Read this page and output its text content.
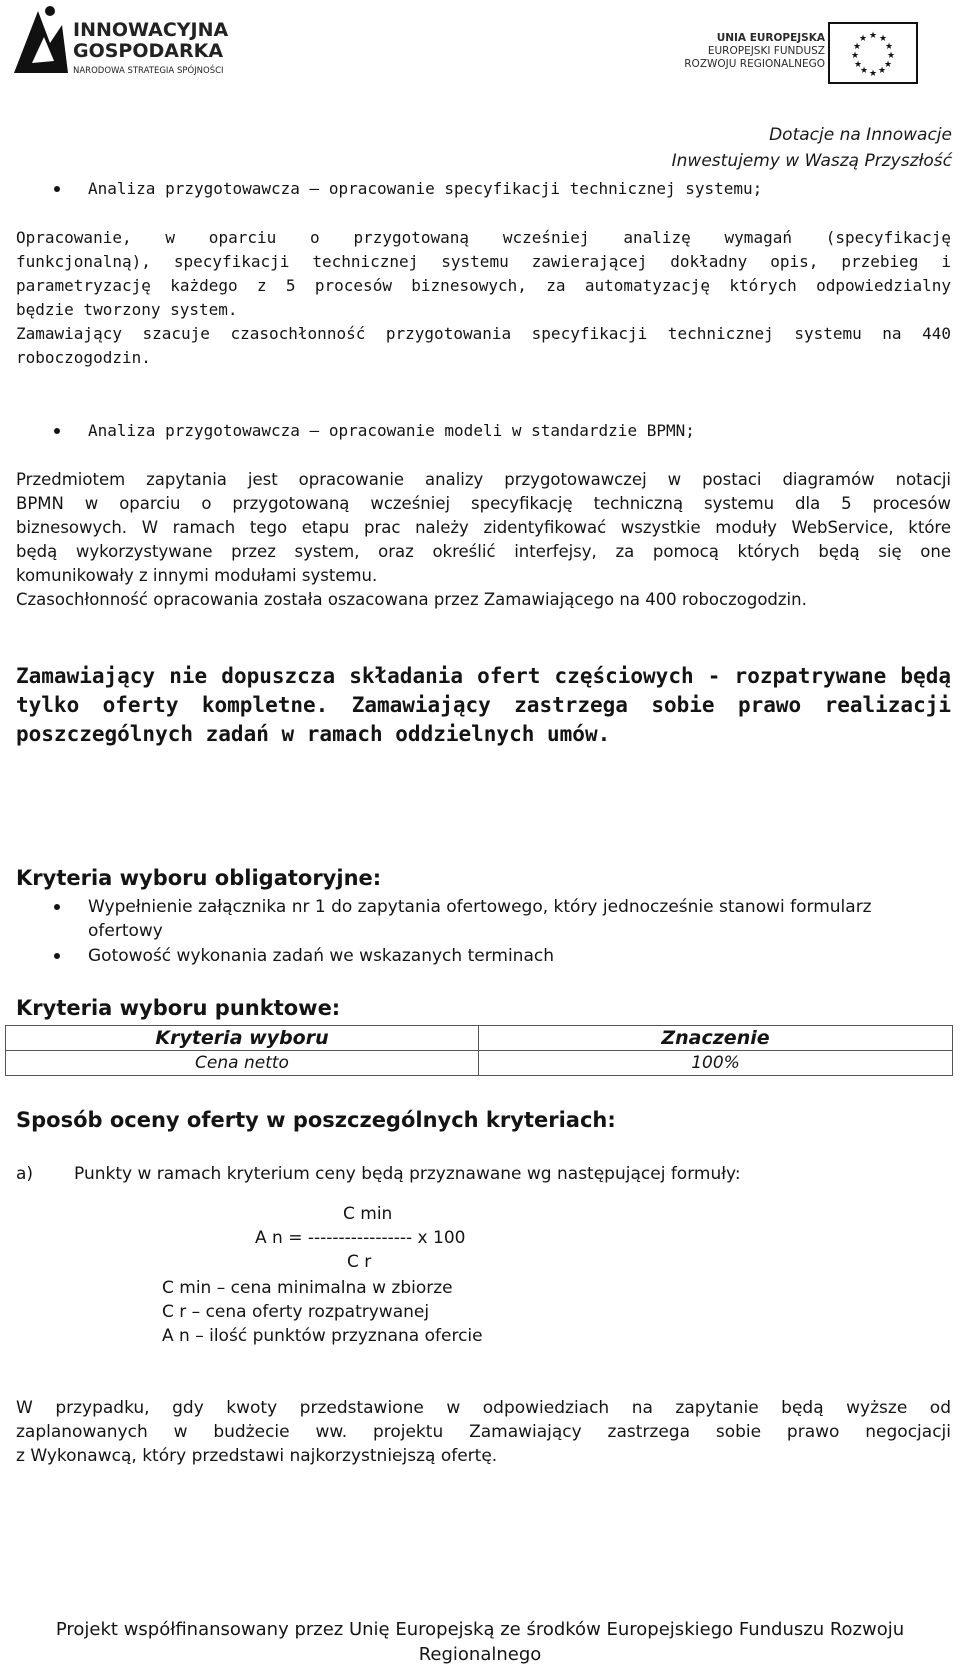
INNOWACYJNA
GOSPODARKA
NARODOWA STRATEGIA SPÓJNOŚCI
UNIA EUROPEJSKA
EUROPEJSKI FUNDUSZ
ROZWOJU REGIONALNEGO
★ ★
★
★
★
★
★
★
★
★
★
★
Dotacje na Innowacje
Inwestujemy w Waszą Przyszłość
Analiza przygotowawcza – opracowanie specyfikacji technicznej systemu;
Opracowanie, w oparciu o przygotowaną wcześniej analizę wymagań (specyfikację
funkcjonalną), specyfikacji technicznej systemu zawierającej dokładny opis, przebieg i
parametryzację każdego z 5 procesów biznesowych, za automatyzację których odpowiedzialny
będzie tworzony system.
Zamawiający szacuje czasochłonność przygotowania specyfikacji technicznej systemu na 440
roboczogodzin.
Analiza przygotowawcza – opracowanie modeli w standardzie BPMN;
Przedmiotem zapytania jest opracowanie analizy przygotowawczej w postaci diagramów notacji
BPMN w oparciu o przygotowaną wcześniej specyfikację techniczną systemu dla 5 procesów
biznesowych. W ramach tego etapu prac należy zidentyfikować wszystkie moduły WebService, które
będą wykorzystywane przez system, oraz określić interfejsy, za pomocą których będą się one
komunikowały z innymi modułami systemu.
Czasochłonność opracowania została oszacowana przez Zamawiającego na 400 roboczogodzin.
Zamawiający nie dopuszcza składania ofert częściowych - rozpatrywane będą
tylko oferty kompletne. Zamawiający zastrzega sobie prawo realizacji
poszczególnych zadań w ramach oddzielnych umów.
Kryteria wyboru obligatoryjne:
Wypełnienie załącznika nr 1 do zapytania ofertowego, który jednocześnie stanowi formularz
ofertowy
Gotowość wykonania zadań we wskazanych terminach
Kryteria wyboru punktowe:
Kryteria wyboru	Znaczenie
Cena netto	100%
Sposób oceny oferty w poszczególnych kryteriach:
a) Punkty w ramach kryterium ceny będą przyznawane wg następującej formuły:
C min
A n = ----------------- x 100
C r
C min – cena minimalna w zbiorze
C r – cena oferty rozpatrywanej
A n – ilość punktów przyznana ofercie
W przypadku, gdy kwoty przedstawione w odpowiedziach na zapytanie będą wyższe od
zaplanowanych w budżecie ww. projektu Zamawiający zastrzega sobie prawo negocjacji
z Wykonawcą, który przedstawi najkorzystniejszą ofertę.
Projekt współfinansowany przez Unię Europejską ze środków Europejskiego Funduszu Rozwoju
Regionalnego
